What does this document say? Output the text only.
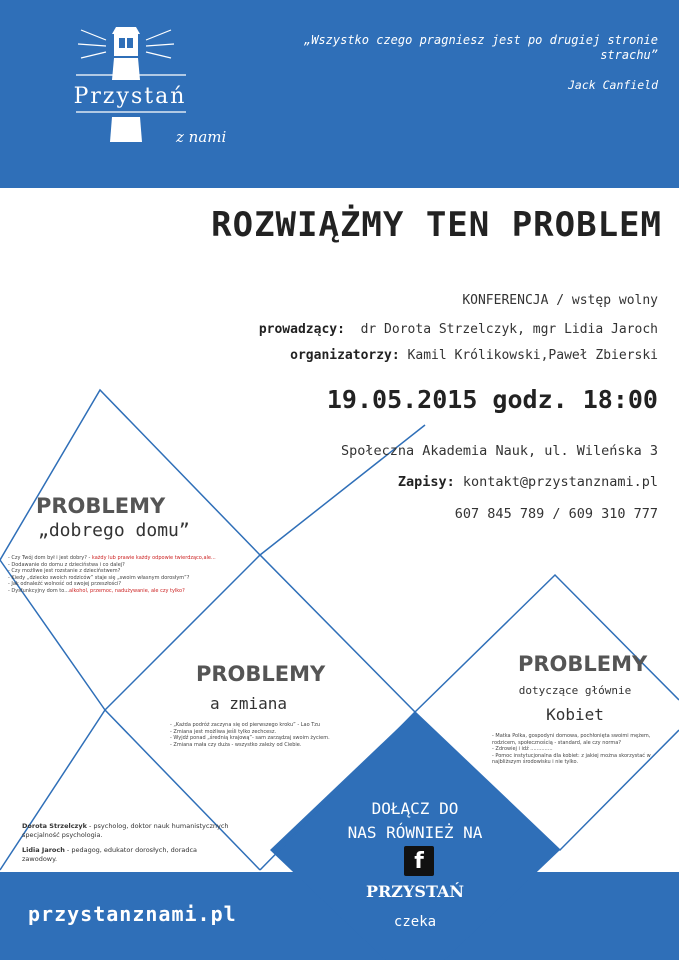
Przystań
z nami
„Wszystko czego pragniesz jest po drugiej stronie strachu”
Jack Canfield
ROZWIĄŻMY TEN PROBLEM
KONFERENCJA / wstęp wolny
prowadzący: dr Dorota Strzelczyk, mgr Lidia Jaroch
organizatorzy: Kamil Królikowski,Paweł Zbierski
19.05.2015 godz. 18:00
Społeczna Akademia Nauk, ul. Wileńska 3
Zapisy: kontakt@przystanznami.pl
607 845 789 / 609 310 777
PROBLEMY
„dobrego domu”
- Czy Twój dom był i jest dobry? - każdy lub prawie każdy odpowie twierdząco,ale...
- Dodawanie do domu z dzieciństwa i co dalej?
- Czy możliwe jest rozstanie z dzieciństwem?
- Kiedy „dziecko swoich rodziców” staje się „swoim własnym dorosłym”?
- Jak odnaleźć wolność od swojej przeszłości?
- Dysfunkcyjny dom to...alkohol, przemoc, nadużywanie, ale czy tylko?
PROBLEMY
a zmiana
- „Każda podróż zaczyna się od pierwszego kroku” - Lao Tzu
- Zmiana jest możliwa jeśli tylko zechcesz.
- Wyjdź ponad „średnią krajową”- sam zarządzaj swoim życiem.
- Zmiana mała czy duża - wszystko zależy od Ciebie.
PROBLEMY
dotyczące głównie
Kobiet
- Matka Polka, gospodyni domowa, pochłonięta swoimi mężem, rodzicem, społecznością - standard, ale czy norma?
- Zdrowiej i idź ..............
- Pomoc instytucjonalna dla kobiet: z jakiej można skorzystać w najbliższym środowisku i nie tylko.
Dorota Strzelczyk - psycholog, doktor nauk humanistycznych specjalność psychologia.
Lidia Jaroch - pedagog, edukator dorosłych, doradca zawodowy.
DOŁĄCZ DO
NAS RÓWNIEŻ NA
f
PRZYSTAŃ
czeka
przystanznami.pl
